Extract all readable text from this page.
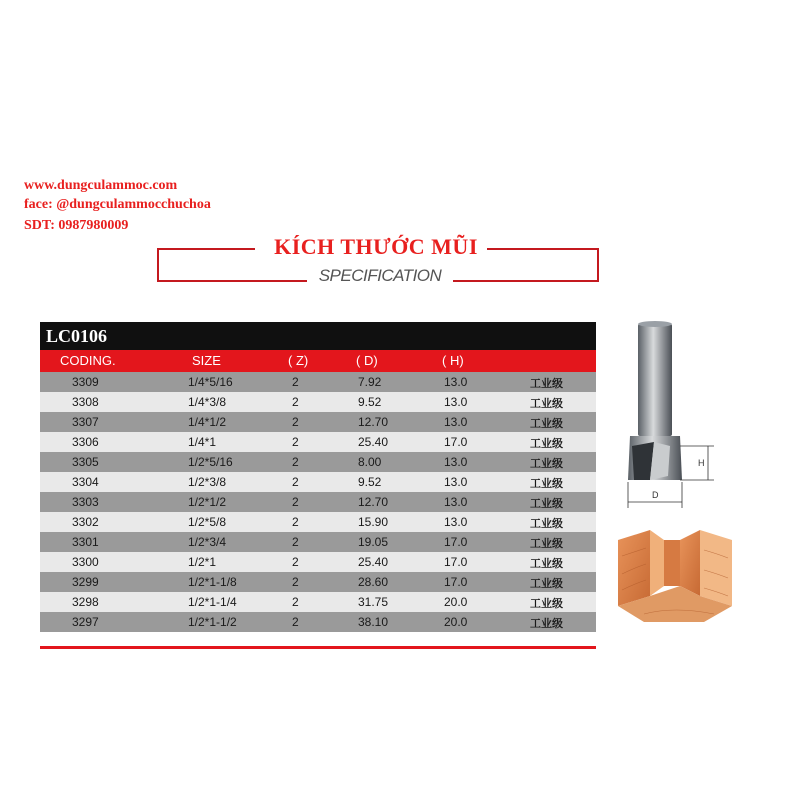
www.dungculammoc.com
face: @dungculammocchuchoa
SDT: 0987980009
KÍCH THƯỚC MŨI
SPECIFICATION
LC0106
CODING.	SIZE	( Z)	( D)	( H)
3309	1/4*5/16	2	7.92	13.0	工业级
3308	1/4*3/8	2	9.52	13.0	工业级
3307	1/4*1/2	2	12.70	13.0	工业级
3306	1/4*1	2	25.40	17.0	工业级
3305	1/2*5/16	2	8.00	13.0	工业级
3304	1/2*3/8	2	9.52	13.0	工业级
3303	1/2*1/2	2	12.70	13.0	工业级
3302	1/2*5/8	2	15.90	13.0	工业级
3301	1/2*3/4	2	19.05	17.0	工业级
3300	1/2*1	2	25.40	17.0	工业级
3299	1/2*1-1/8	2	28.60	17.0	工业级
3298	1/2*1-1/4	2	31.75	20.0	工业级
3297	1/2*1-1/2	2	38.10	20.0	工业级
H
D
